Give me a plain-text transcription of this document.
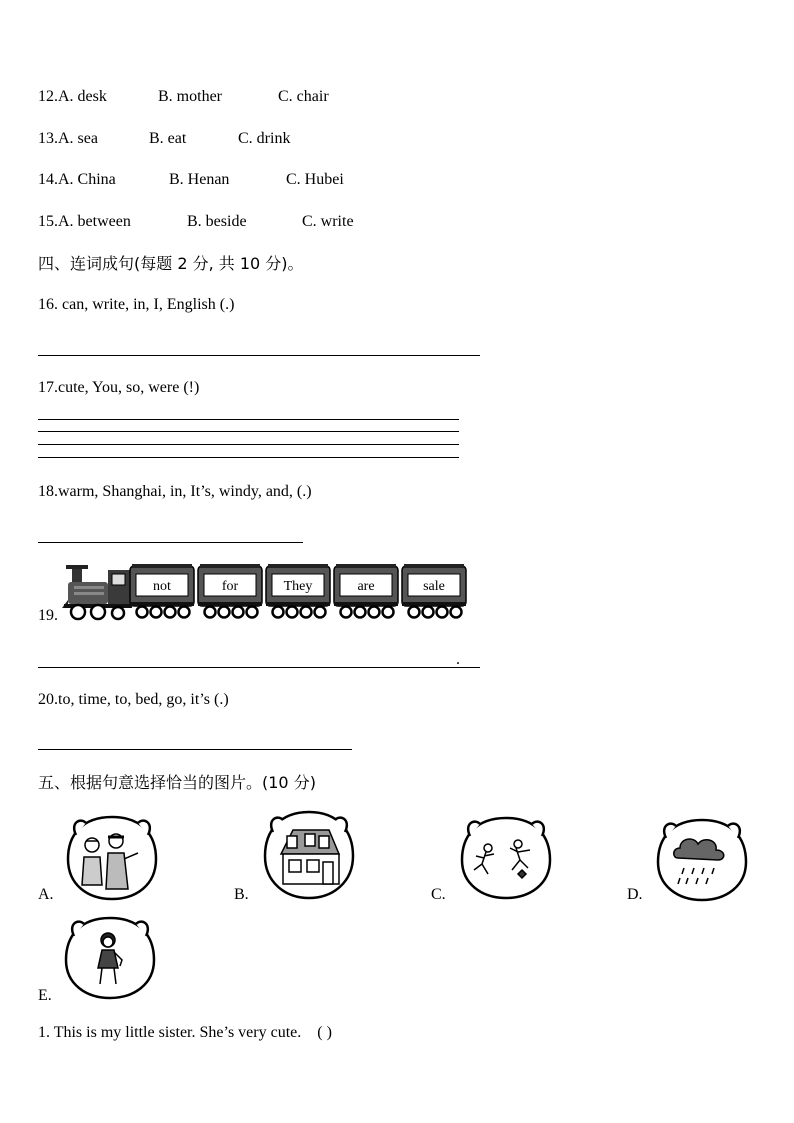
12.A. desk	B. mother	C. chair
13.A. sea	B. eat	C. drink
14.A. China	B. Henan	C. Hubei
15.A. between	B. beside	C. write
四、连词成句(每题 2 分, 共 10 分)。
16. can, write, in, I, English (.)
17.cute, You, so, were (!)
18.warm, Shanghai, in, It’s, windy, and, (.)
19.
not	for	They	are	sale
.
20.to, time, to, bed, go, it’s (.)
五、根据句意选择恰当的图片。(10 分)
A.	B.	C.	D.
E.
1. This is my little sister. She’s very cute. ( )
